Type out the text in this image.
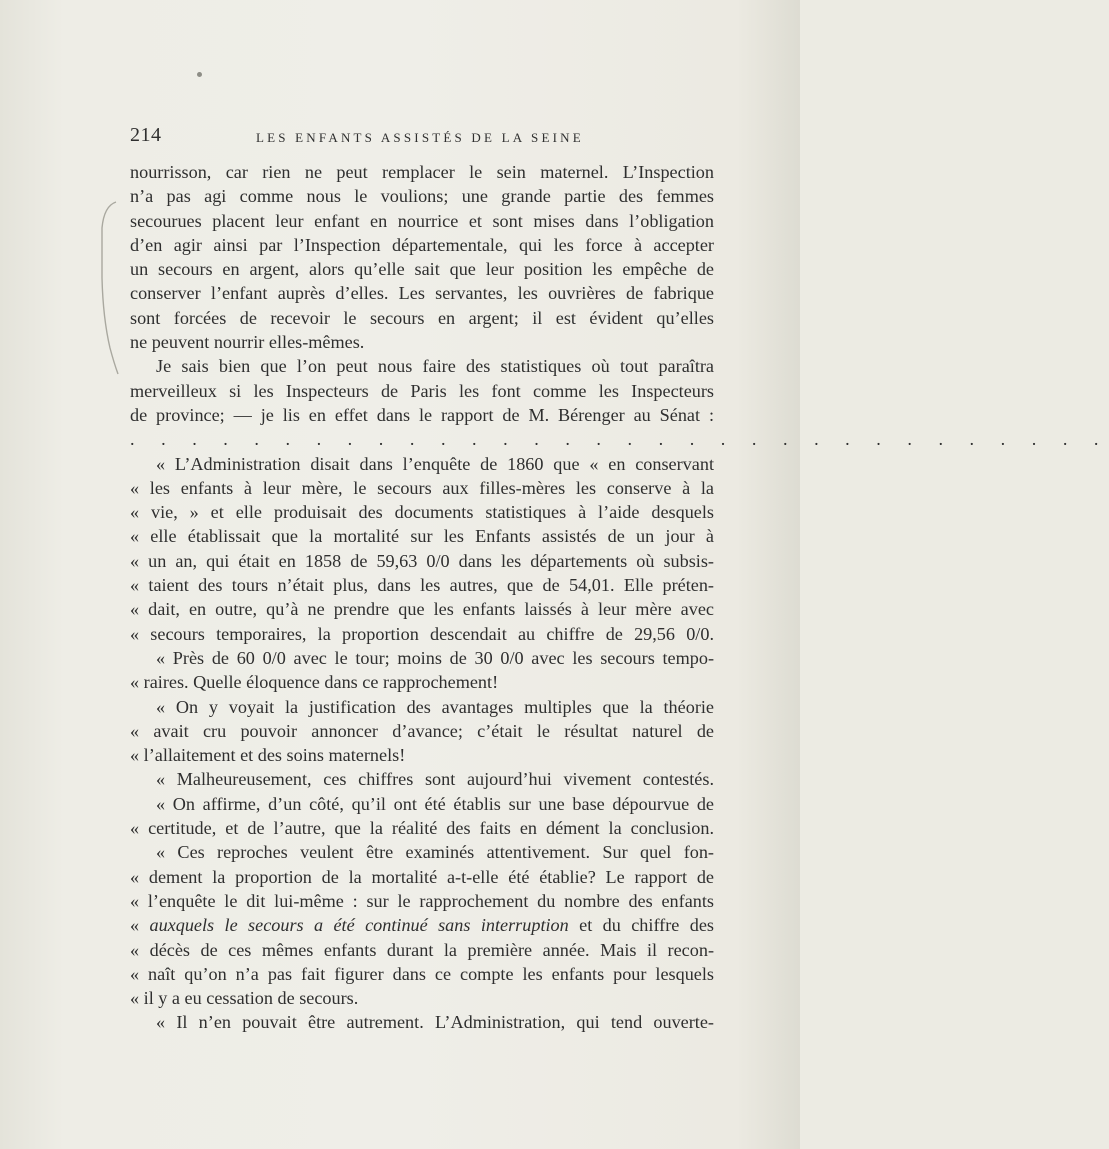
214	LES ENFANTS ASSISTÉS DE LA SEINE
nourrisson, car rien ne peut remplacer le sein maternel. L’Inspection
n’a pas agi comme nous le voulions; une grande partie des femmes
secourues placent leur enfant en nourrice et sont mises dans l’obligation
d’en agir ainsi par l’Inspection départementale, qui les force à accepter
un secours en argent, alors qu’elle sait que leur position les empêche de
conserver l’enfant auprès d’elles. Les servantes, les ouvrières de fabrique
sont forcées de recevoir le secours en argent; il est évident qu’elles
ne peuvent nourrir elles-mêmes.
Je sais bien que l’on peut nous faire des statistiques où tout paraîtra
merveilleux si les Inspecteurs de Paris les font comme les Inspecteurs
de province; — je lis en effet dans le rapport de M. Bérenger au Sénat :
. . . . . . . . . . . . . . . . . . . . . . . . . . . . . . . .
« L’Administration disait dans l’enquête de 1860 que « en conservant
« les enfants à leur mère, le secours aux filles-mères les conserve à la
« vie, » et elle produisait des documents statistiques à l’aide desquels
« elle établissait que la mortalité sur les Enfants assistés de un jour à
« un an, qui était en 1858 de 59,63 0/0 dans les départements où subsis-
« taient des tours n’était plus, dans les autres, que de 54,01. Elle préten-
« dait, en outre, qu’à ne prendre que les enfants laissés à leur mère avec
« secours temporaires, la proportion descendait au chiffre de 29,56 0/0.
« Près de 60 0/0 avec le tour; moins de 30 0/0 avec les secours tempo-
« raires. Quelle éloquence dans ce rapprochement!
« On y voyait la justification des avantages multiples que la théorie
« avait cru pouvoir annoncer d’avance; c’était le résultat naturel de
« l’allaitement et des soins maternels!
« Malheureusement, ces chiffres sont aujourd’hui vivement contestés.
« On affirme, d’un côté, qu’il ont été établis sur une base dépourvue de
« certitude, et de l’autre, que la réalité des faits en dément la conclusion.
« Ces reproches veulent être examinés attentivement. Sur quel fon-
« dement la proportion de la mortalité a-t-elle été établie? Le rapport de
« l’enquête le dit lui-même : sur le rapprochement du nombre des enfants
« auxquels le secours a été continué sans interruption et du chiffre des
« décès de ces mêmes enfants durant la première année. Mais il recon-
« naît qu’on n’a pas fait figurer dans ce compte les enfants pour lesquels
« il y a eu cessation de secours.
« Il n’en pouvait être autrement. L’Administration, qui tend ouverte-
